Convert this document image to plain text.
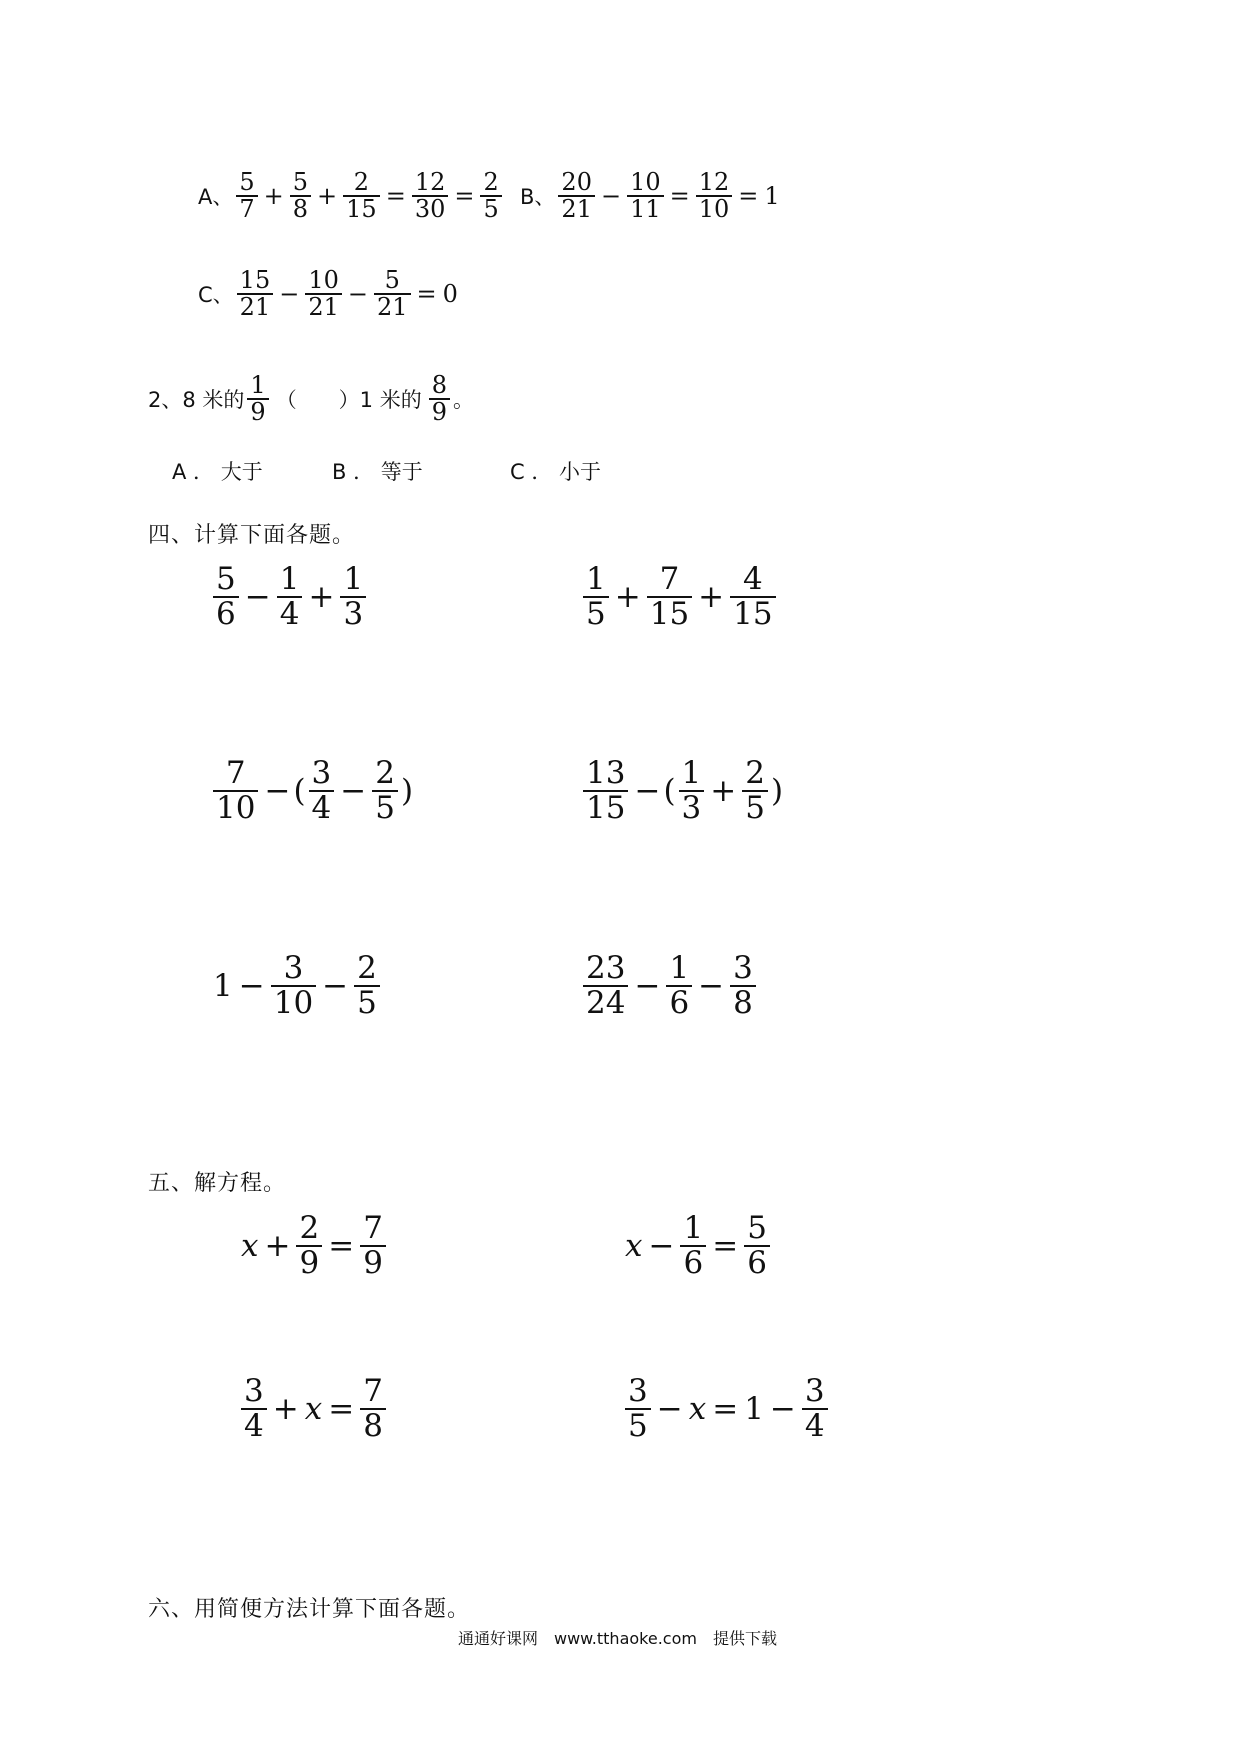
A、 $\frac{5}{7} + \frac{5}{8} + \frac{2}{15} = \frac{12}{30} = \frac{2}{5}$ B、 $\frac{20}{21} - \frac{10}{11} = \frac{12}{10} = 1$
C、 $\frac{15}{21} - \frac{10}{21} - \frac{5}{21} = 0$
2、8 米的 $\frac{1}{9}$ （　　）1 米的 $\frac{8}{9}$ 。
A ． 大于	B ． 等于	C ． 小于
四、计算下面各题。
$\frac{5}{6} - \frac{1}{4} + \frac{1}{3}$	$\frac{1}{5} + \frac{7}{15} + \frac{4}{15}$
$\frac{7}{10}$ − ( $\frac{3}{4} - \frac{2}{5}$ )	$\frac{13}{15}$ − ( $\frac{1}{3} + \frac{2}{5}$ )
$1 - \frac{3}{10} - \frac{2}{5}$	$\frac{23}{24} - \frac{1}{6} - \frac{3}{8}$
五、解方程。
$x + \frac{2}{9} = \frac{7}{9}$	$x - \frac{1}{6} = \frac{5}{6}$
$\frac{3}{4} + x = \frac{7}{8}$	$\frac{3}{5} - x = 1 - \frac{3}{4}$
六、用简便方法计算下面各题。
通通好课网　www.tthaoke.com　提供下载
